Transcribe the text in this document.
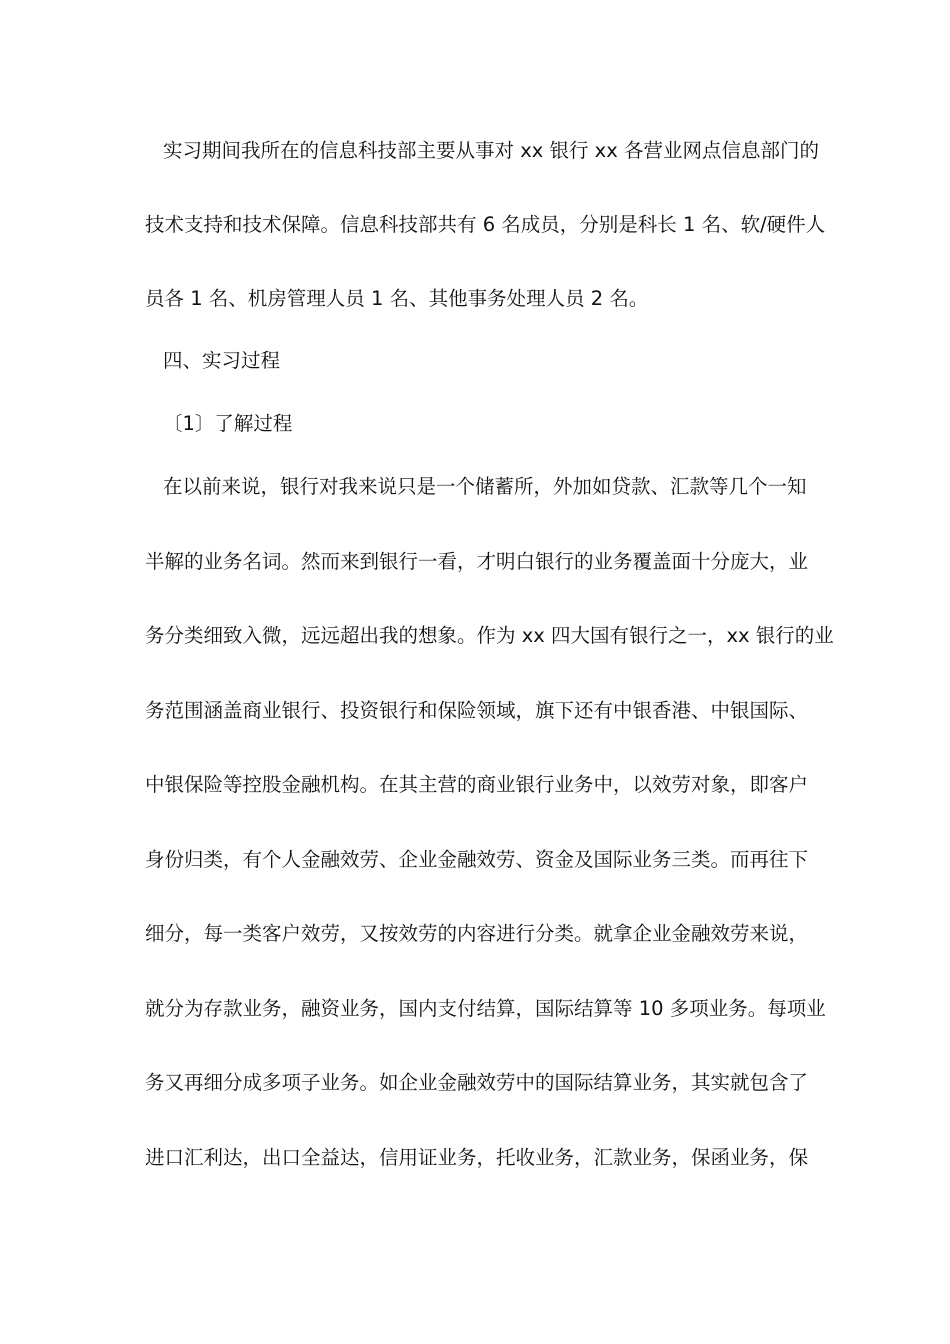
实习期间我所在的信息科技部主要从事对 xx 银行 xx 各营业网点信息部门的
技术支持和技术保障。信息科技部共有 6 名成员，分别是科长 1 名、软/硬件人
员各 1 名、机房管理人员 1 名、其他事务处理人员 2 名。
四、实习过程
〔1〕了解过程
在以前来说，银行对我来说只是一个储蓄所，外加如贷款、汇款等几个一知
半解的业务名词。然而来到银行一看，才明白银行的业务覆盖面十分庞大，业
务分类细致入微，远远超出我的想象。作为 xx 四大国有银行之一，xx 银行的业
务范围涵盖商业银行、投资银行和保险领域，旗下还有中银香港、中银国际、
中银保险等控股金融机构。在其主营的商业银行业务中，以效劳对象，即客户
身份归类，有个人金融效劳、企业金融效劳、资金及国际业务三类。而再往下
细分，每一类客户效劳，又按效劳的内容进行分类。就拿企业金融效劳来说，
就分为存款业务，融资业务，国内支付结算，国际结算等 10 多项业务。每项业
务又再细分成多项子业务。如企业金融效劳中的国际结算业务，其实就包含了
进口汇利达，出口全益达，信用证业务，托收业务，汇款业务，保函业务，保
